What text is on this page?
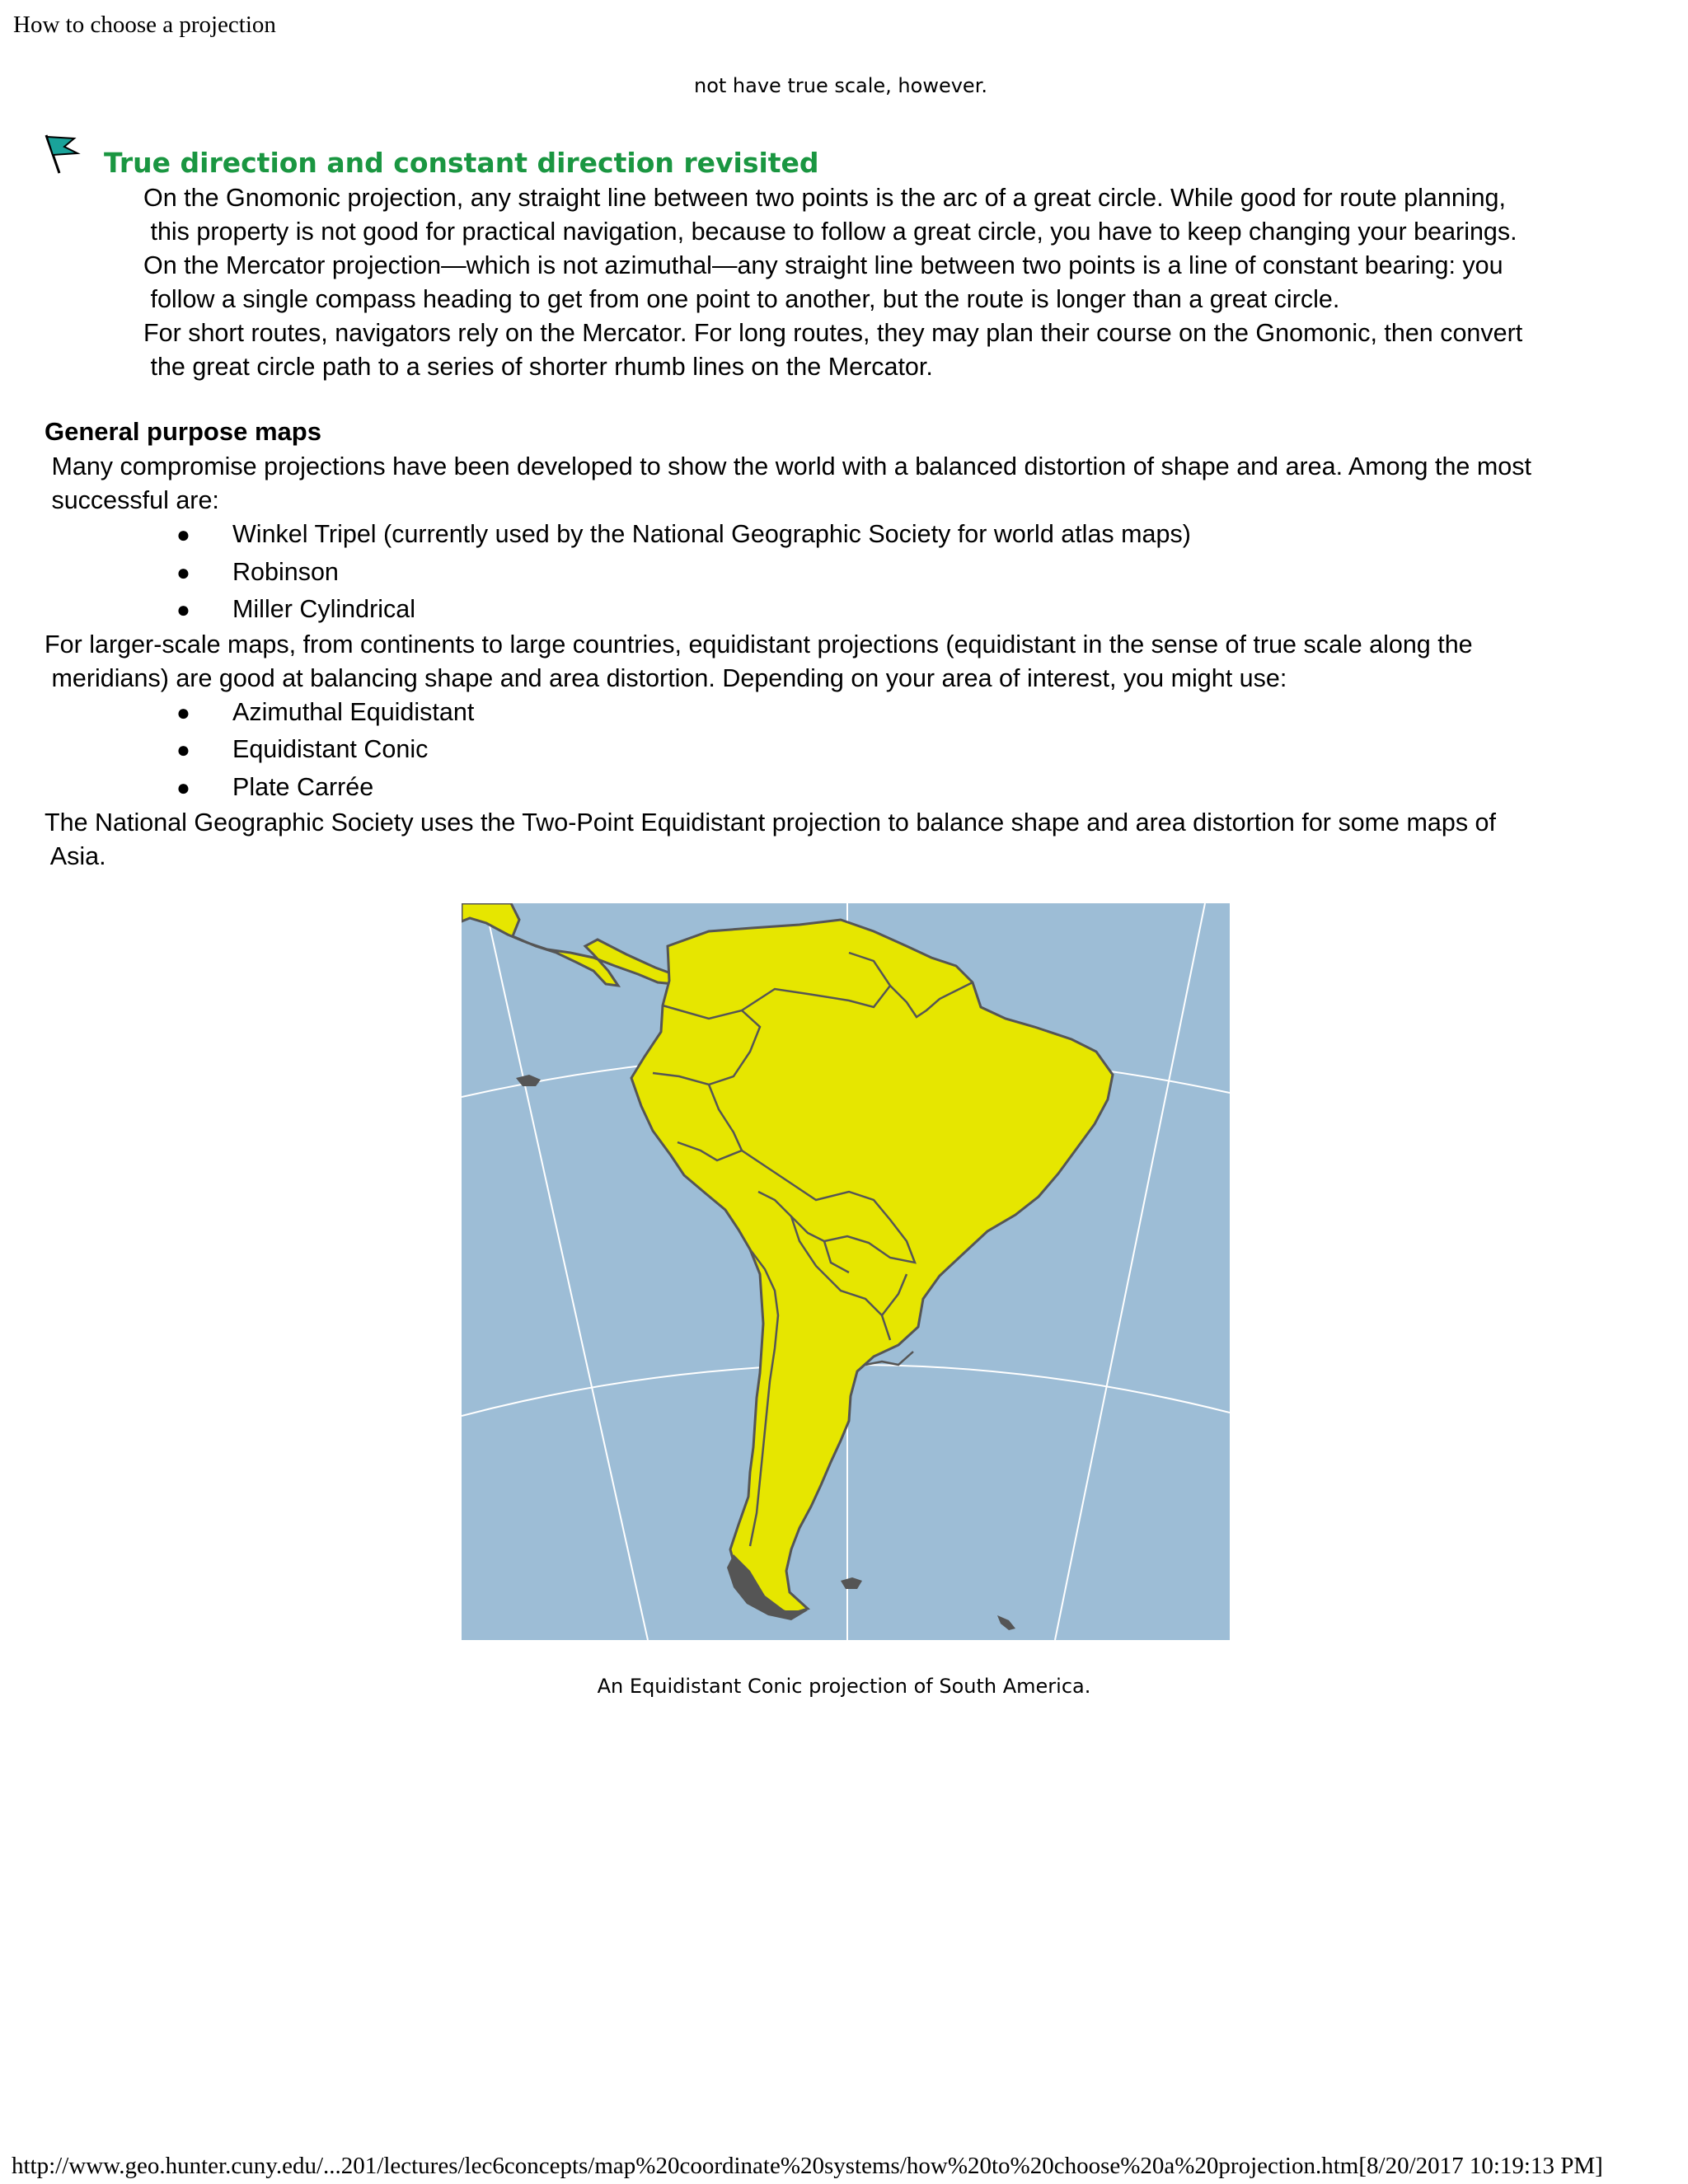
How to choose a projection
not have true scale, however.
True direction and constant direction revisited
On the Gnomonic projection, any straight line between two points is the arc of a great circle. While good for route planning,
this property is not good for practical navigation, because to follow a great circle, you have to keep changing your bearings.
On the Mercator projection—which is not azimuthal—any straight line between two points is a line of constant bearing: you
follow a single compass heading to get from one point to another, but the route is longer than a great circle.
For short routes, navigators rely on the Mercator. For long routes, they may plan their course on the Gnomonic, then convert
the great circle path to a series of shorter rhumb lines on the Mercator.
General purpose maps
Many compromise projections have been developed to show the world with a balanced distortion of shape and area. Among the most
successful are:
● Winkel Tripel (currently used by the National Geographic Society for world atlas maps)
● Robinson
● Miller Cylindrical
For larger-scale maps, from continents to large countries, equidistant projections (equidistant in the sense of true scale along the
meridians) are good at balancing shape and area distortion. Depending on your area of interest, you might use:
● Azimuthal Equidistant
● Equidistant Conic
● Plate Carrée
The National Geographic Society uses the Two-Point Equidistant projection to balance shape and area distortion for some maps of
Asia.
An Equidistant Conic projection of South America.
http://www.geo.hunter.cuny.edu/...201/lectures/lec6concepts/map%20coordinate%20systems/how%20to%20choose%20a%20projection.htm[8/20/2017 10:19:13 PM]
